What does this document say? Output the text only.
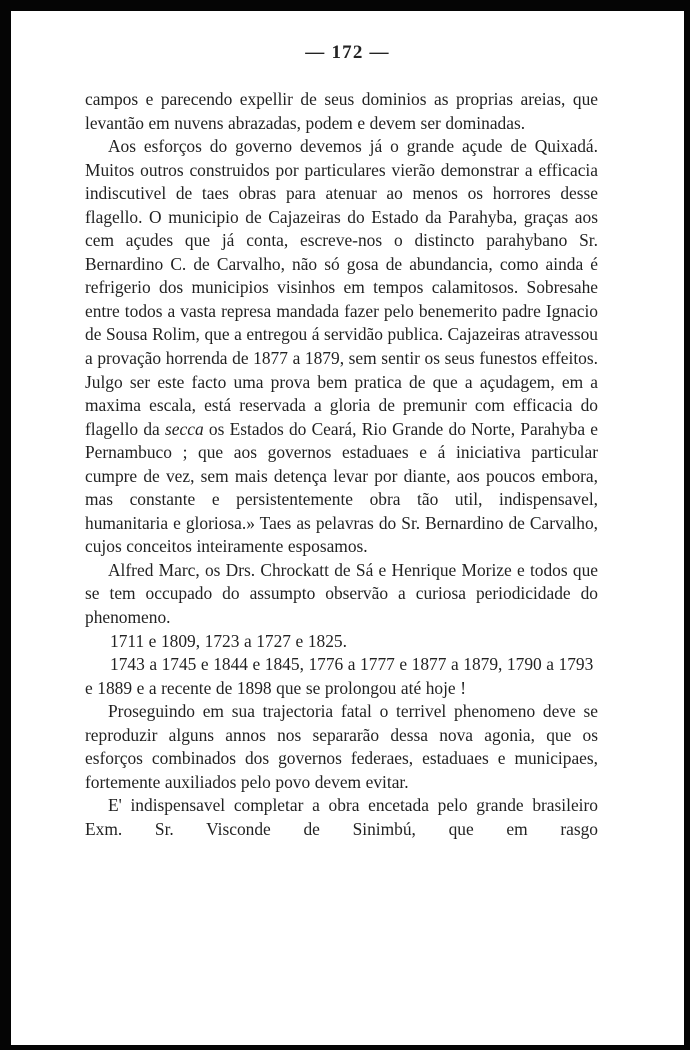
— 172 —

campos e parecendo expellir de seus dominios as proprias areias, que levantão em nuvens abrazadas, podem e devem ser dominadas.

Aos esforços do governo devemos já o grande açude de Quixadá. Muitos outros construidos por particulares vierão demonstrar a efficacia indiscutivel de taes obras para atenuar ao menos os horrores desse flagello. O municipio de Cajazeiras do Estado da Parahyba, graças aos cem açudes que já conta, escreve-nos o distincto parahybano Sr. Bernardino C. de Carvalho, não só gosa de abundancia, como ainda é refrigerio dos municipios visinhos em tempos calamitosos. Sobresahe entre todos a vasta represa mandada fazer pelo benemerito padre Ignacio de Sousa Rolim, que a entregou á servidão publica. Cajazeiras atravessou a provação horrenda de 1877 a 1879, sem sentir os seus funestos effeitos. Julgo ser este facto uma prova bem pratica de que a açudagem, em a maxima escala, está reservada a gloria de premunir com efficacia do flagello da secca os Estados do Ceará, Rio Grande do Norte, Parahyba e Pernambuco ; que aos governos estaduaes e á iniciativa particular cumpre de vez, sem mais detença levar por diante, aos poucos embora, mas constante e persistentemente obra tão util, indispensavel, humanitaria e gloriosa.» Taes as pelavras do Sr. Bernardino de Carvalho, cujos conceitos inteiramente esposamos.

Alfred Marc, os Drs. Chrockatt de Sá e Henrique Morize e todos que se tem occupado do assumpto observão a curiosa periodicidade do phenomeno.

1711 e 1809, 1723 a 1727 e 1825.

1743 a 1745 e 1844 e 1845, 1776 a 1777 e 1877 a 1879, 1790 a 1793 e 1889 e a recente de 1898 que se prolongou até hoje !

Proseguindo em sua trajectoria fatal o terrivel phenomeno deve se reproduzir alguns annos nos separarão dessa nova agonia, que os esforços combinados dos governos federaes, estaduaes e municipaes, fortemente auxiliados pelo povo devem evitar.

E' indispensavel completar a obra encetada pelo grande brasileiro Exm. Sr. Visconde de Sinimbú, que em rasgo
